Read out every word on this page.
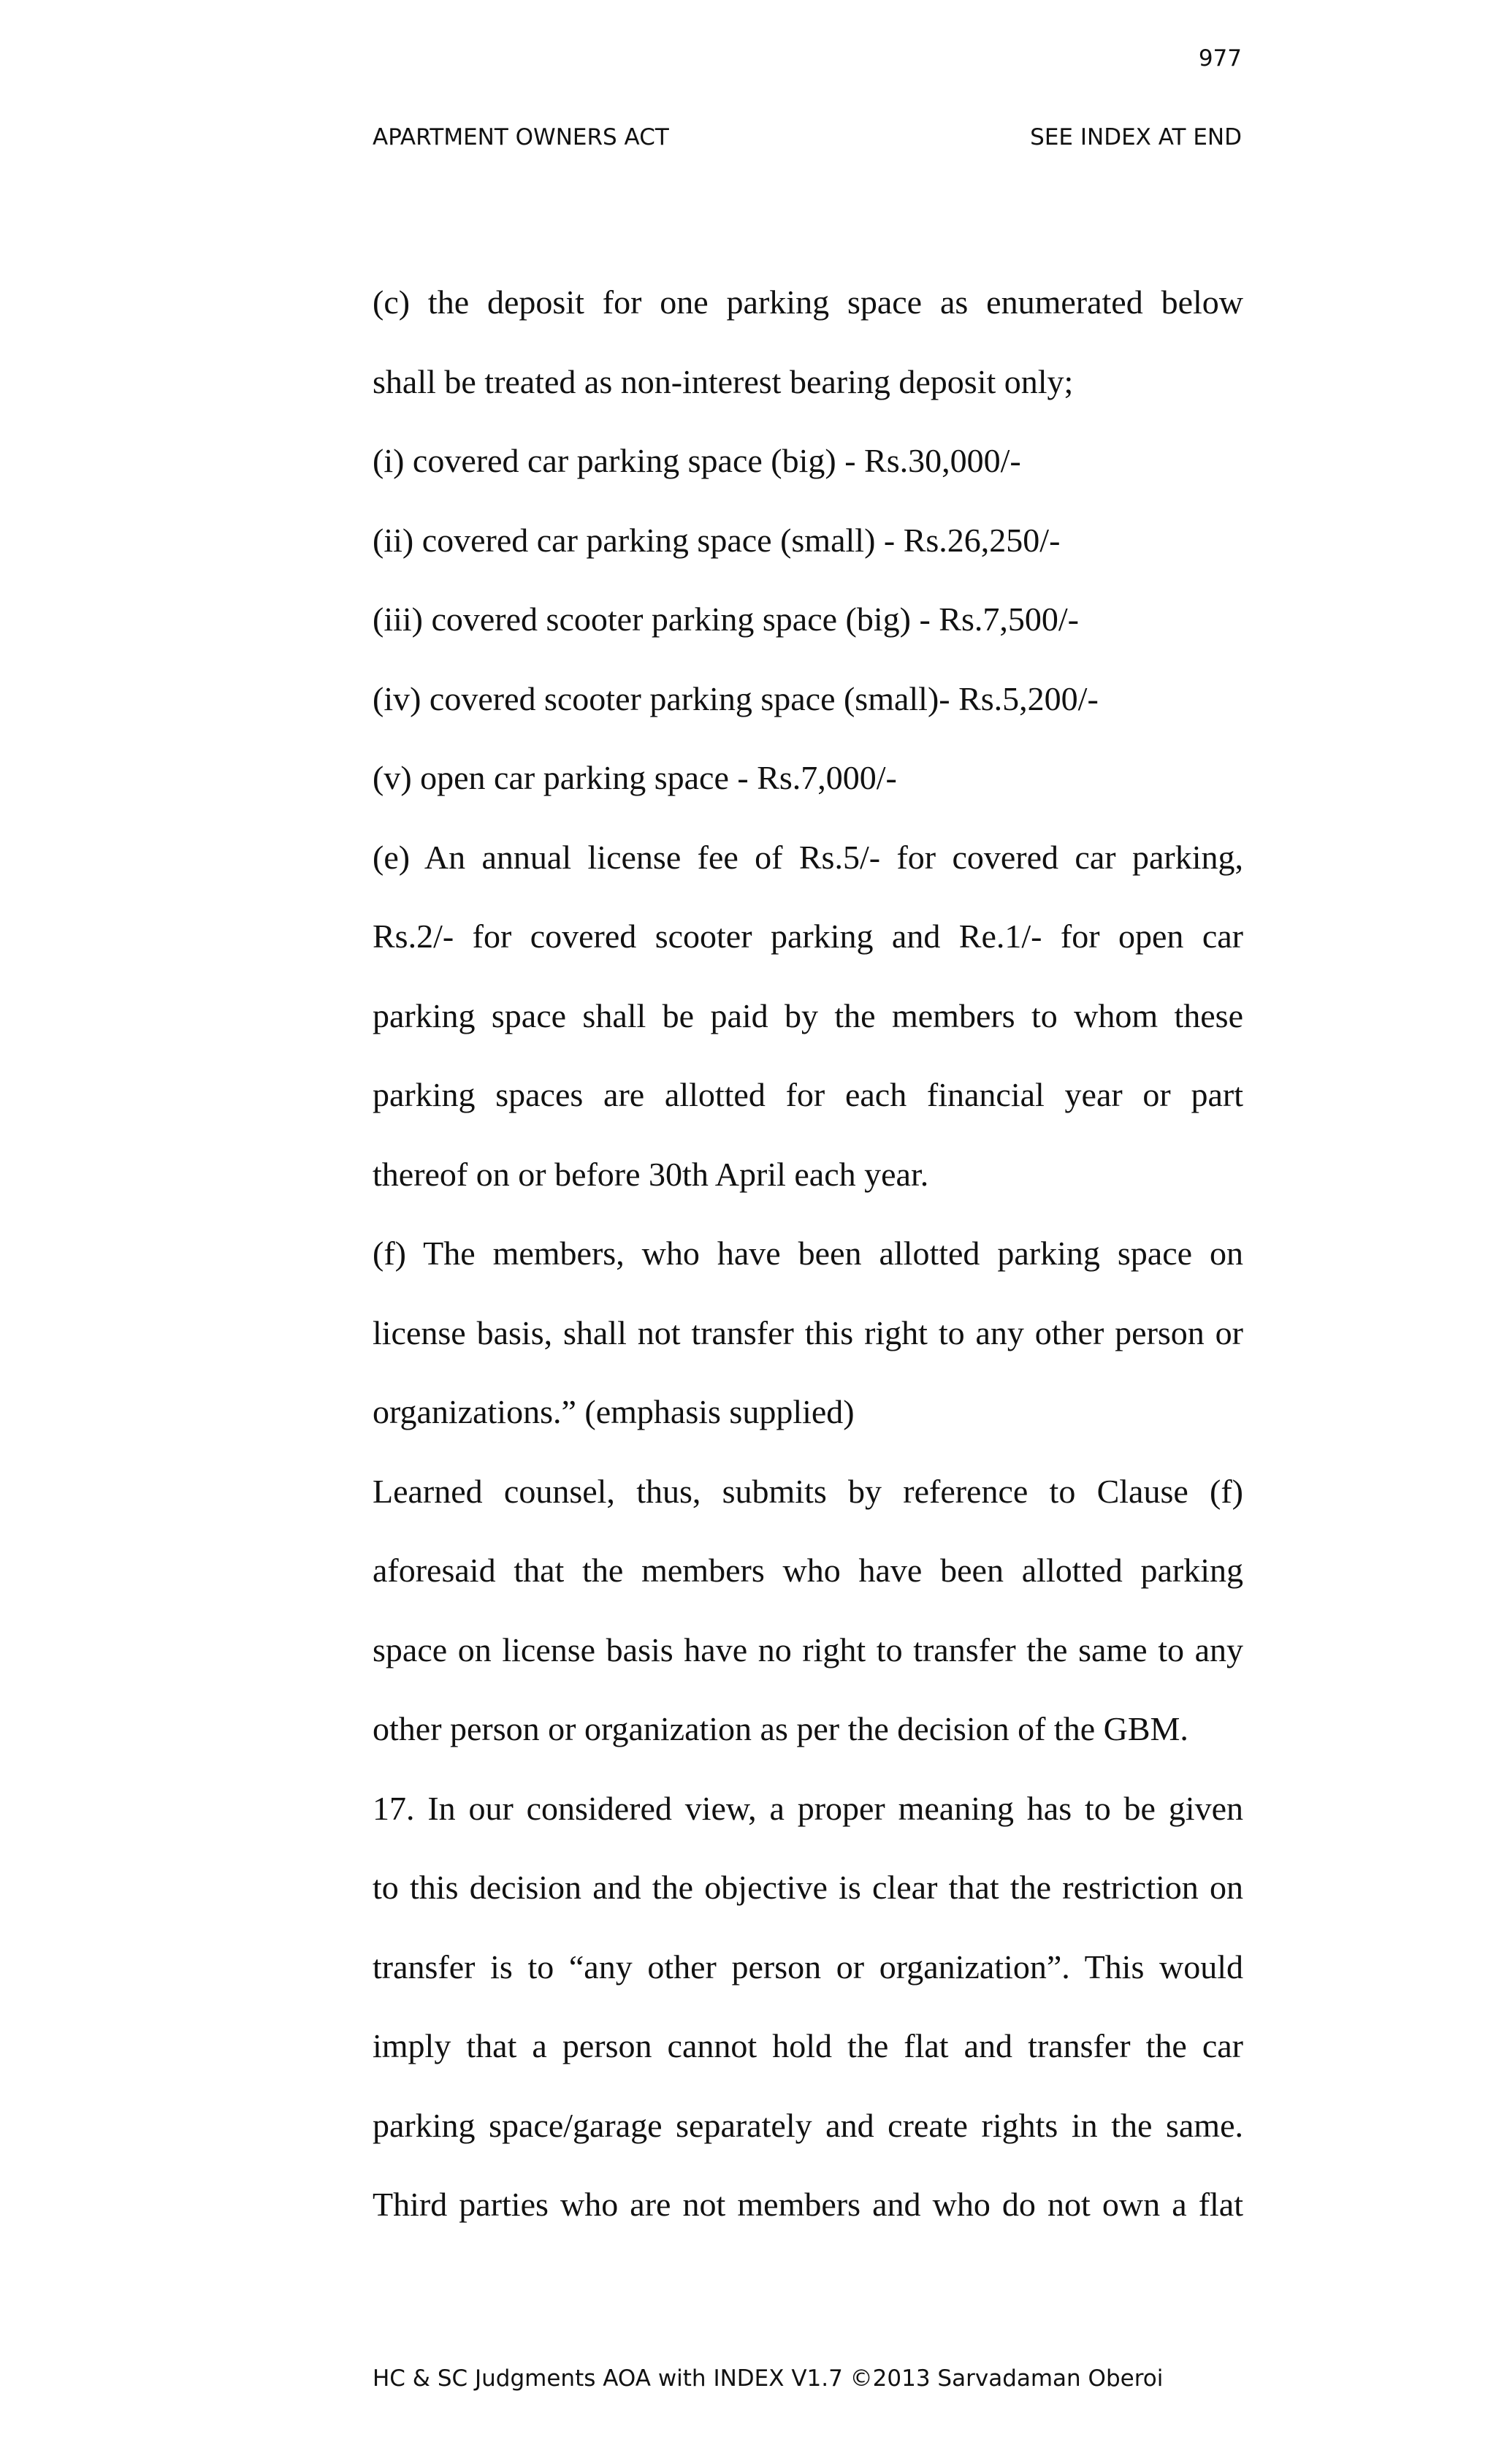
977
APARTMENT OWNERS ACT	SEE INDEX AT END
(c) the deposit for one parking space as enumerated below
shall be treated as non-interest bearing deposit only;
(i) covered car parking space (big) - Rs.30,000/-
(ii) covered car parking space (small) - Rs.26,250/-
(iii) covered scooter parking space (big) - Rs.7,500/-
(iv) covered scooter parking space (small)- Rs.5,200/-
(v) open car parking space - Rs.7,000/-
(e) An annual license fee of Rs.5/- for covered car parking,
Rs.2/- for covered scooter parking and Re.1/- for open car
parking space shall be paid by the members to whom these
parking spaces are allotted for each financial year or part
thereof on or before 30th April each year.
(f) The members, who have been allotted parking space on
license basis, shall not transfer this right to any other person or
organizations.” (emphasis supplied)
Learned counsel, thus, submits by reference to Clause (f)
aforesaid that the members who have been allotted parking
space on license basis have no right to transfer the same to any
other person or organization as per the decision of the GBM.
17. In our considered view, a proper meaning has to be given
to this decision and the objective is clear that the restriction on
transfer is to “any other person or organization”. This would
imply that a person cannot hold the flat and transfer the car
parking space/garage separately and create rights in the same.
Third parties who are not members and who do not own a flat
HC & SC Judgments AOA with INDEX V1.7 ©2013 Sarvadaman Oberoi
